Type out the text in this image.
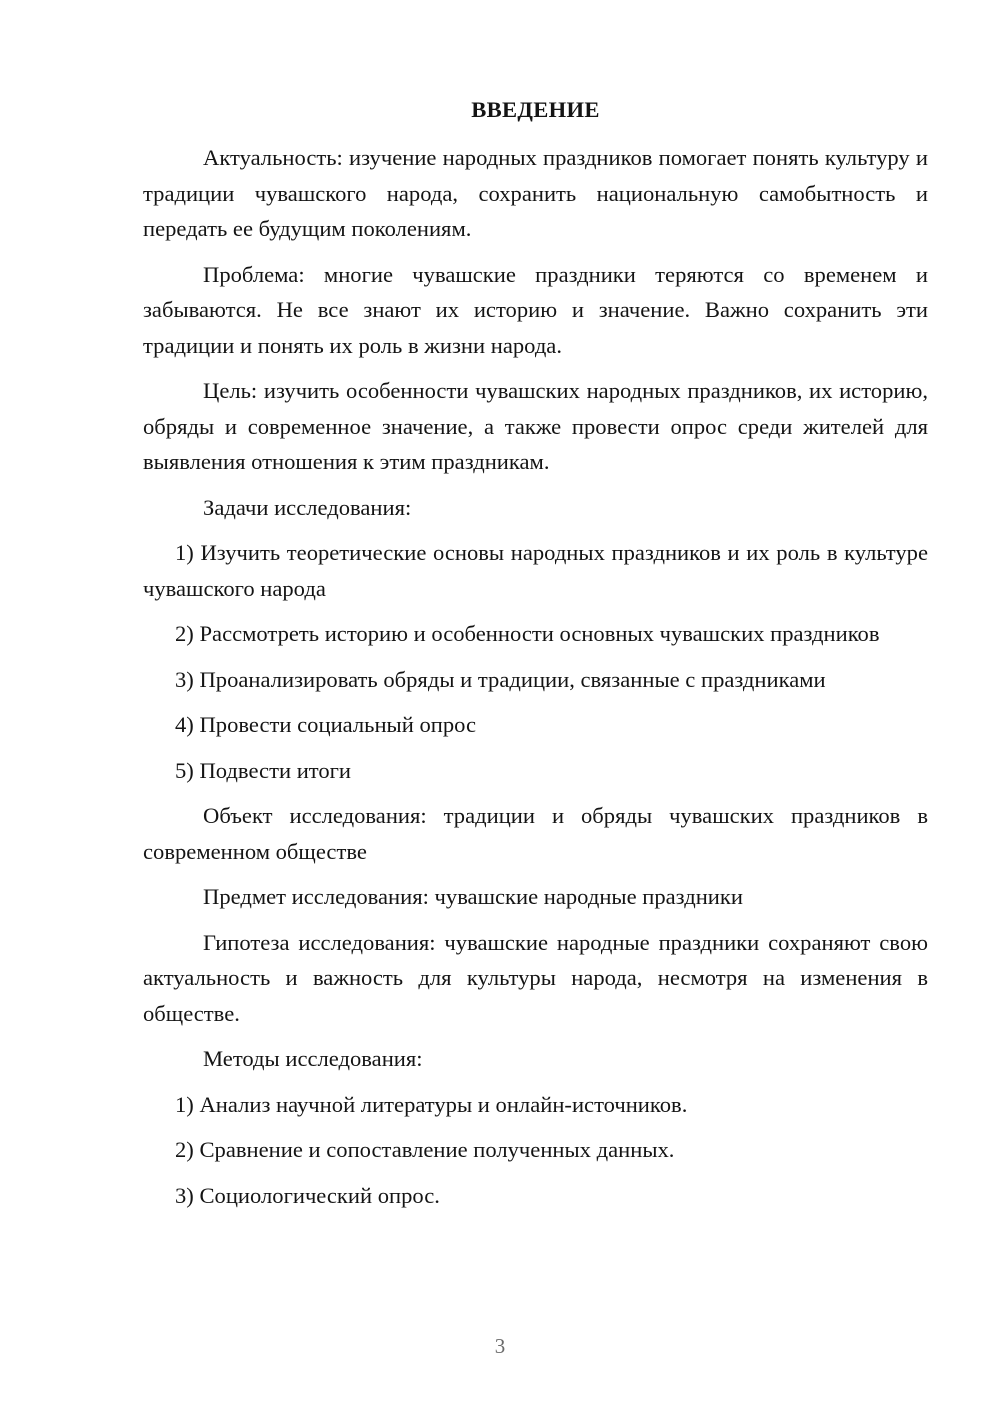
ВВЕДЕНИЕ

Актуальность: изучение народных праздников помогает понять культуру и традиции чувашского народа, сохранить национальную самобытность и передать ее будущим поколениям.

Проблема: многие чувашские праздники теряются со временем и забываются. Не все знают их историю и значение. Важно сохранить эти традиции и понять их роль в жизни народа.

Цель: изучить особенности чувашских народных праздников, их историю, обряды и современное значение, а также провести опрос среди жителей для выявления отношения к этим праздникам.

Задачи исследования:

1) Изучить теоретические основы народных праздников и их роль в культуре чувашского народа

2) Рассмотреть историю и особенности основных чувашских праздников

3) Проанализировать обряды и традиции, связанные с праздниками

4) Провести социальный опрос

5) Подвести итоги

Объект исследования: традиции и обряды чувашских праздников в современном обществе

Предмет исследования: чувашские народные праздники

Гипотеза исследования: чувашские народные праздники сохраняют свою актуальность и важность для культуры народа, несмотря на изменения в обществе.

Методы исследования:

1) Анализ научной литературы и онлайн-источников.

2) Сравнение и сопоставление полученных данных.

3) Социологический опрос.

3
